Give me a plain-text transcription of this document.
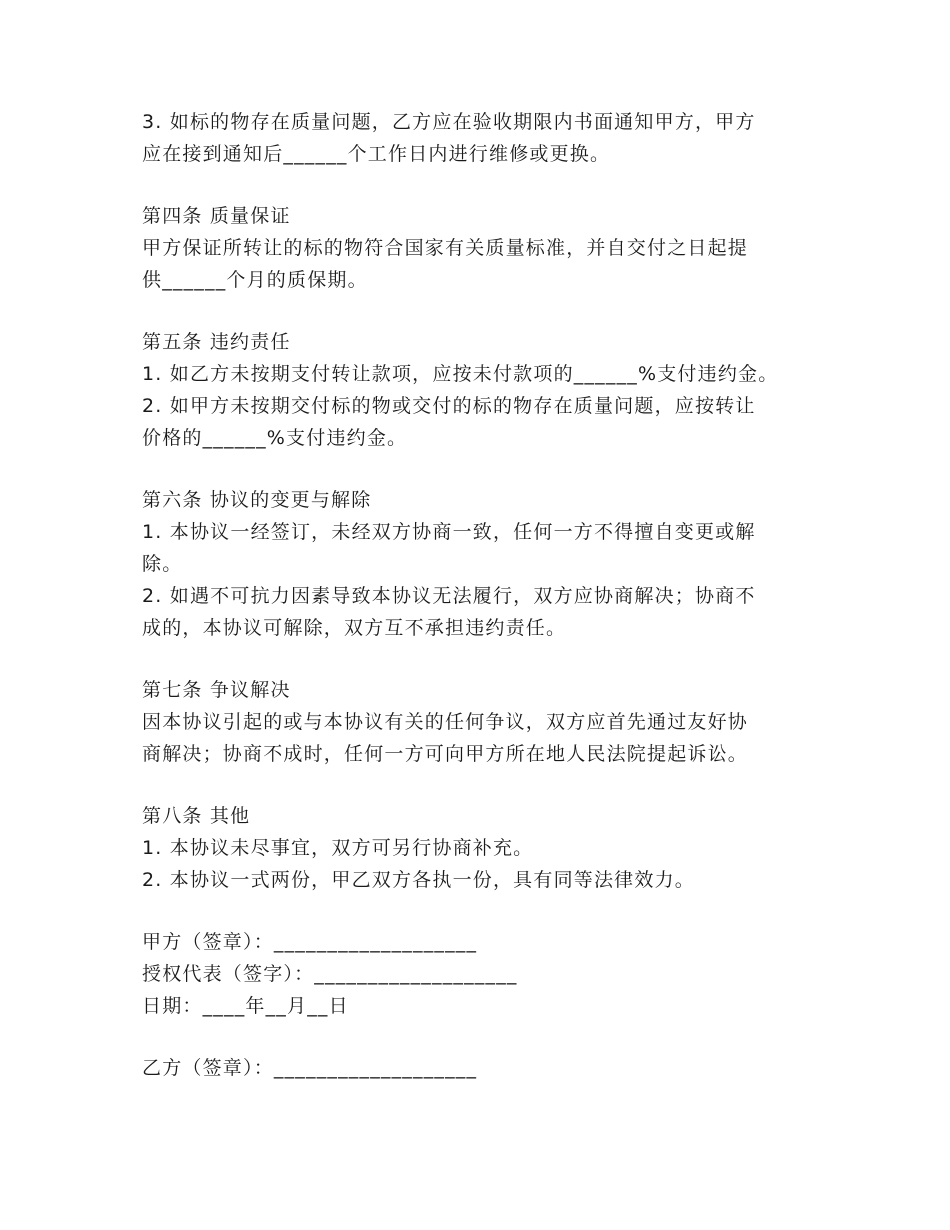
3. 如标的物存在质量问题，乙方应在验收期限内书面通知甲方，甲方
应在接到通知后______个工作日内进行维修或更换。
第四条 质量保证
甲方保证所转让的标的物符合国家有关质量标准，并自交付之日起提
供______个月的质保期。
第五条 违约责任
1. 如乙方未按期支付转让款项，应按未付款项的______%支付违约金。
2. 如甲方未按期交付标的物或交付的标的物存在质量问题，应按转让
价格的______%支付违约金。
第六条 协议的变更与解除
1. 本协议一经签订，未经双方协商一致，任何一方不得擅自变更或解
除。
2. 如遇不可抗力因素导致本协议无法履行，双方应协商解决；协商不
成的，本协议可解除，双方互不承担违约责任。
第七条 争议解决
因本协议引起的或与本协议有关的任何争议，双方应首先通过友好协
商解决；协商不成时，任何一方可向甲方所在地人民法院提起诉讼。
第八条 其他
1. 本协议未尽事宜，双方可另行协商补充。
2. 本协议一式两份，甲乙双方各执一份，具有同等法律效力。
甲方（签章）：___________________
授权代表（签字）：___________________
日期：____年__月__日
乙方（签章）：___________________
